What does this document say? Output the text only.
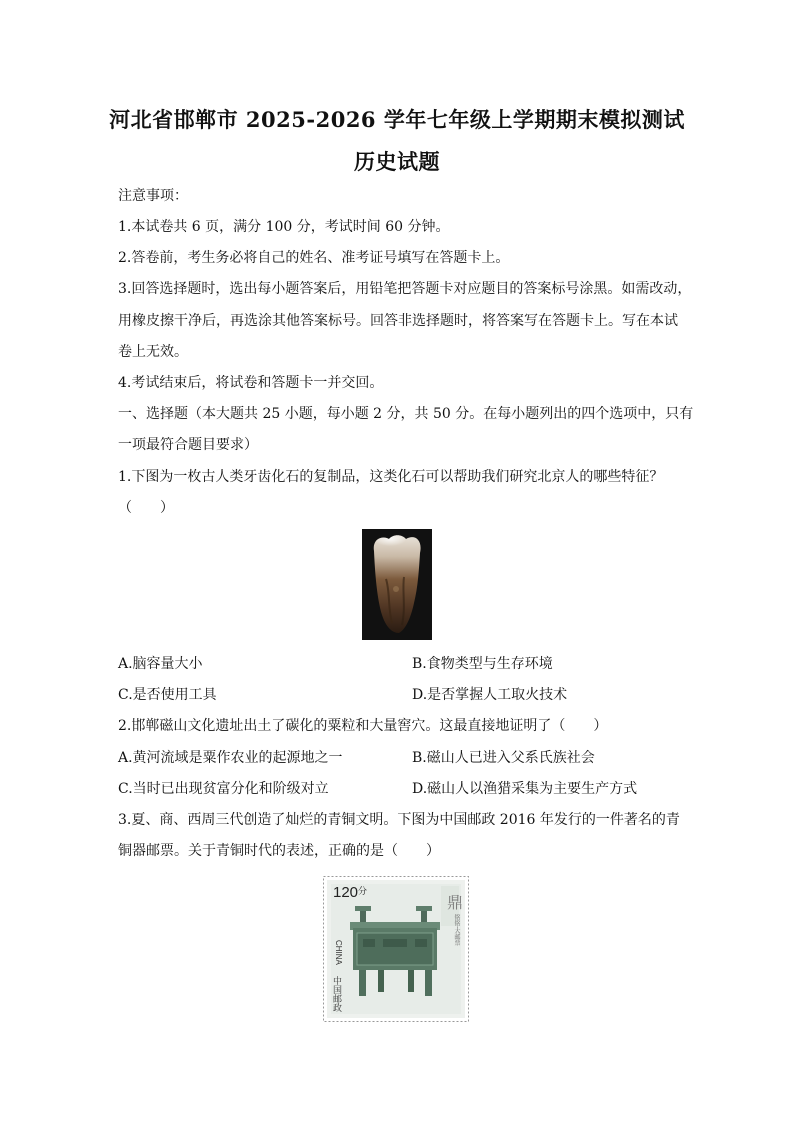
河北省邯郸市 2025-2026 学年七年级上学期期末模拟测试
历史试题
注意事项：
1.本试卷共 6 页，满分 100 分，考试时间 60 分钟。
2.答卷前，考生务必将自己的姓名、准考证号填写在答题卡上。
3.回答选择题时，选出每小题答案后，用铅笔把答题卡对应题目的答案标号涂黑。如需改动，
用橡皮擦干净后，再选涂其他答案标号。回答非选择题时，将答案写在答题卡上。写在本试
卷上无效。
4.考试结束后，将试卷和答题卡一并交回。
一、选择题（本大题共 25 小题，每小题 2 分，共 50 分。在每小题列出的四个选项中，只有
一项最符合题目要求）
1.下图为一枚古人类牙齿化石的复制品，这类化石可以帮助我们研究北京人的哪些特征？
（　　）
A.脑容量大小	B.食物类型与生存环境
C.是否使用工具	D.是否掌握人工取火技术
2.邯郸磁山文化遗址出土了碳化的粟粒和大量窖穴。这最直接地证明了（　　）
A.黄河流域是粟作农业的起源地之一	B.磁山人已进入父系氏族社会
C.当时已出现贫富分化和阶级对立	D.磁山人以渔猎采集为主要生产方式
3.夏、商、西周三代创造了灿烂的青铜文明。下图为中国邮政 2016 年发行的一件著名的青
铜器邮票。关于青铜时代的表述，正确的是（　　）
$120^分$
CHINA
中国邮政
鼎
铭铭·大邮票
